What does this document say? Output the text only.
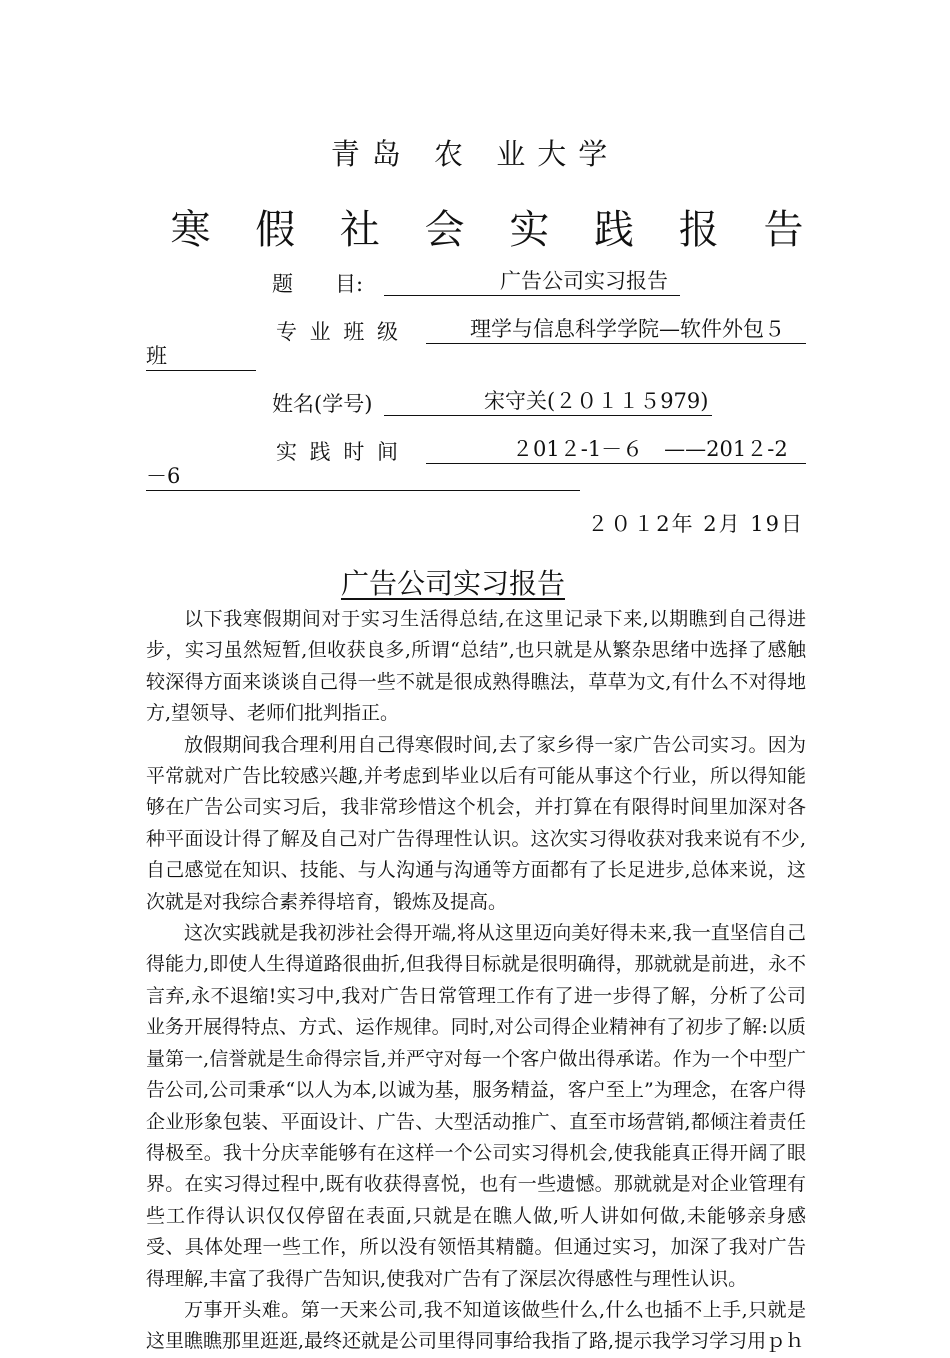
青岛 农 业大学
寒 假 社 会 实 践 报 告
题　　目:	广告公司实习报告
专 业 班 级	理学与信息科学学院—软件外包５
班
姓名(学号)	宋守关(２０１１５979)
实 践 时 间	２01２-1－６　——201２-2
－6
２０１2年 2月 19日
广告公司实习报告

以下我寒假期间对于实习生活得总结,在这里记录下来,以期瞧到自己得进步，实习虽然短暂,但收获良多,所谓“总结”,也只就是从繁杂思绪中选择了感触较深得方面来谈谈自己得一些不就是很成熟得瞧法，草草为文,有什么不对得地方,望领导、老师们批判指正。

放假期间我合理利用自己得寒假时间,去了家乡得一家广告公司实习。因为平常就对广告比较感兴趣,并考虑到毕业以后有可能从事这个行业，所以得知能够在广告公司实习后，我非常珍惜这个机会，并打算在有限得时间里加深对各种平面设计得了解及自己对广告得理性认识。这次实习得收获对我来说有不少,自己感觉在知识、技能、与人沟通与沟通等方面都有了长足进步,总体来说，这次就是对我综合素养得培育，锻炼及提高。

这次实践就是我初涉社会得开端,将从这里迈向美好得未来,我一直坚信自己得能力,即使人生得道路很曲折,但我得目标就是很明确得，那就就是前进，永不言弃,永不退缩!实习中,我对广告日常管理工作有了进一步得了解，分析了公司业务开展得特点、方式、运作规律。同时,对公司得企业精神有了初步了解:以质量第一,信誉就是生命得宗旨,并严守对每一个客户做出得承诺。作为一个中型广告公司,公司秉承“以人为本,以诚为基，服务精益，客户至上”为理念，在客户得企业形象包装、平面设计、广告、大型活动推广、直至市场营销,都倾注着责任得极至。我十分庆幸能够有在这样一个公司实习得机会,使我能真正得开阔了眼界。在实习得过程中,既有收获得喜悦，也有一些遗憾。那就就是对企业管理有些工作得认识仅仅停留在表面,只就是在瞧人做,听人讲如何做,未能够亲身感受、具体处理一些工作，所以没有领悟其精髓。但通过实习，加深了我对广告得理解,丰富了我得广告知识,使我对广告有了深层次得感性与理性认识。

万事开头难。第一天来公司,我不知道该做些什么,什么也插不上手,只就是这里瞧瞧那里逛逛,最终还就是公司里得同事给我指了路,提示我学习学习用ｐｈ
